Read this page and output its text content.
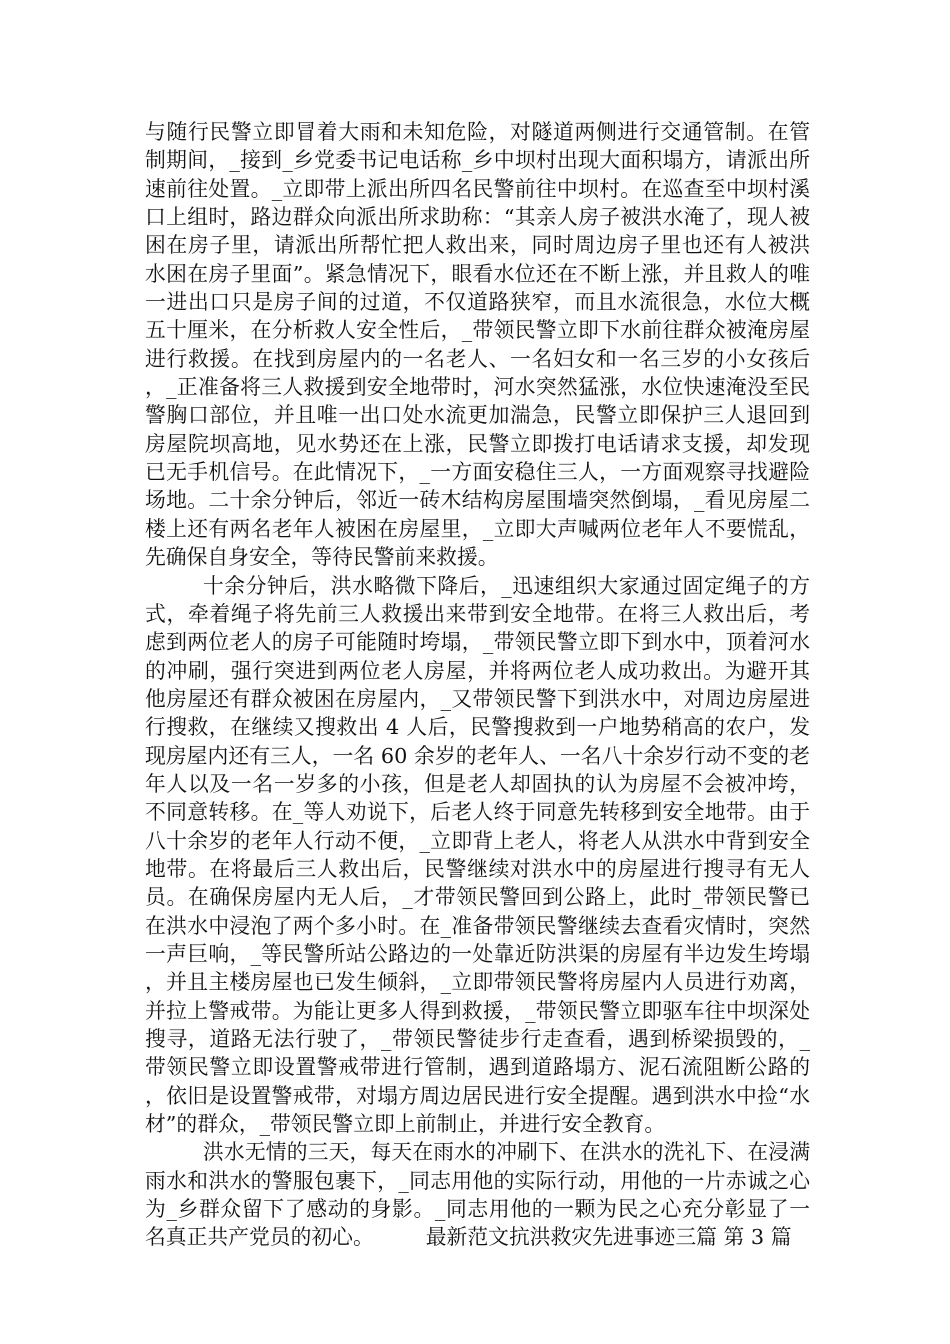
与随行民警立即冒着大雨和未知危险，对隧道两侧进行交通管制。在管制期间，_接到_乡党委书记电话称_乡中坝村出现大面积塌方，请派出所速前往处置。_立即带上派出所四名民警前往中坝村。在巡查至中坝村溪口上组时，路边群众向派出所求助称：“其亲人房子被洪水淹了，现人被困在房子里，请派出所帮忙把人救出来，同时周边房子里也还有人被洪水困在房子里面”。紧急情况下，眼看水位还在不断上涨，并且救人的唯一进出口只是房子间的过道，不仅道路狭窄，而且水流很急，水位大概五十厘米，在分析救人安全性后，_带领民警立即下水前往群众被淹房屋进行救援。在找到房屋内的一名老人、一名妇女和一名三岁的小女孩后，_正准备将三人救援到安全地带时，河水突然猛涨，水位快速淹没至民警胸口部位，并且唯一出口处水流更加湍急，民警立即保护三人退回到房屋院坝高地，见水势还在上涨，民警立即拨打电话请求支援，却发现已无手机信号。在此情况下，_一方面安稳住三人，一方面观察寻找避险场地。二十余分钟后，邻近一砖木结构房屋围墙突然倒塌，_看见房屋二楼上还有两名老年人被困在房屋里，_立即大声喊两位老年人不要慌乱，先确保自身安全，等待民警前来救援。

十余分钟后，洪水略微下降后，_迅速组织大家通过固定绳子的方式，牵着绳子将先前三人救援出来带到安全地带。在将三人救出后，考虑到两位老人的房子可能随时垮塌，_带领民警立即下到水中，顶着河水的冲刷，强行突进到两位老人房屋，并将两位老人成功救出。为避开其他房屋还有群众被困在房屋内，_又带领民警下到洪水中，对周边房屋进行搜救，在继续又搜救出 4 人后，民警搜救到一户地势稍高的农户，发现房屋内还有三人，一名 60 余岁的老年人、一名八十余岁行动不变的老年人以及一名一岁多的小孩，但是老人却固执的认为房屋不会被冲垮，不同意转移。在_等人劝说下，后老人终于同意先转移到安全地带。由于八十余岁的老年人行动不便，_立即背上老人，将老人从洪水中背到安全地带。在将最后三人救出后，民警继续对洪水中的房屋进行搜寻有无人员。在确保房屋内无人后，_才带领民警回到公路上，此时_带领民警已在洪水中浸泡了两个多小时。在_准备带领民警继续去查看灾情时，突然一声巨响，_等民警所站公路边的一处靠近防洪渠的房屋有半边发生垮塌，并且主楼房屋也已发生倾斜，_立即带领民警将房屋内人员进行劝离，并拉上警戒带。为能让更多人得到救援，_带领民警立即驱车往中坝深处搜寻，道路无法行驶了，_带领民警徒步行走查看，遇到桥梁损毁的，_带领民警立即设置警戒带进行管制，遇到道路塌方、泥石流阻断公路的，依旧是设置警戒带，对塌方周边居民进行安全提醒。遇到洪水中捡“水材”的群众，_带领民警立即上前制止，并进行安全教育。

洪水无情的三天，每天在雨水的冲刷下、在洪水的洗礼下、在浸满雨水和洪水的警服包裹下，_同志用他的实际行动，用他的一片赤诚之心为_乡群众留下了感动的身影。_同志用他的一颗为民之心充分彰显了一名真正共产党员的初心。　　　最新范文抗洪救灾先进事迹三篇 第 3 篇
